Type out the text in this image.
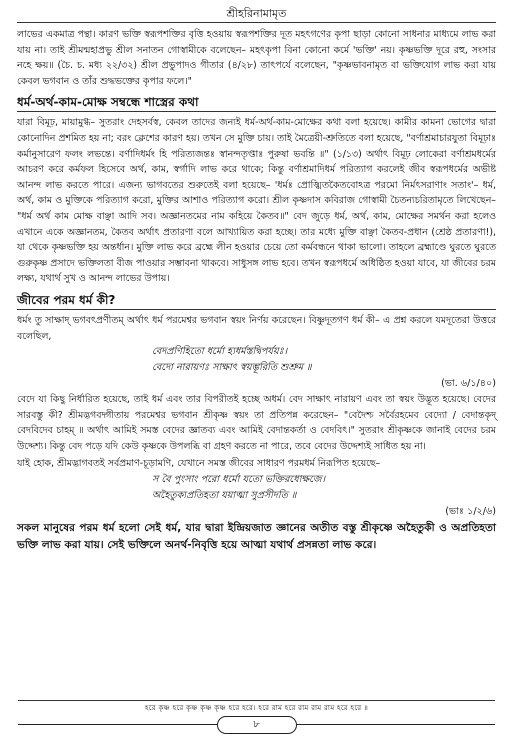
শ্রীহরিনামামৃত

লাভের একমাত্র পন্থা। কারণ ভক্তি স্বরূপশক্তির বৃত্তি হওয়ায় স্বরূপশক্তির দূত মহৎগণের কৃপা ছাড়া কোনো সাধনার মাধ্যমে লাভ করা যায় না। তাই শ্রীমন্মহাপ্রভু শ্রীল সনাতন গোস্বামীকে বলেছেন– মহৎকৃপা বিনা কোনো কর্মে 'ভক্তি' নয়। কৃষ্ণভক্তি দূরে রহু, সংসার নহে ক্ষয়॥ (চৈ. চ. মধ্য ২২/৩২) শ্রীল প্রভুপাদও গীতার (৪/২৮) তাৎপর্যে বলেছেন, "কৃষ্ণভাবনামৃত বা ভক্তিযোগ লাভ করা যায় কেবল ভগবান ও তাঁর শুদ্ধভক্তের কৃপার ফলে।"

ধর্ম-অর্থ-কাম-মোক্ষ সম্বন্ধে শাস্ত্রের কথা

যারা বিমূঢ়, মায়ামুগ্ধ– সুতরাং দেহসর্বস্ব, কেবল তাদের জন্যই ধর্ম-অর্থ-কাম-মোক্ষের কথা বলা হয়েছে। কামীর কামনা ভোগের দ্বারা কোনোদিন প্রশমিত হয় না; বরং ক্লেশের কারণ হয়। তখন সে মুক্তি চায়। তাই মৈত্রেয়ী-শ্রুতিতে বলা হয়েছে, "বর্ণাশ্রমাচারযুতা বিমূঢ়াঃ কর্মানুসারেণ ফলং লভন্তে। বর্ণাদিধর্মং হি পরিত্যজন্তঃ স্বানন্দতৃপ্তাঃ পুরুষা ভবন্তি ॥" (১/১৩) অর্থাৎ বিমূঢ় লোকেরা বর্ণাশ্রমধর্মের আচরণ করে কর্মফল হিসেবে অর্থ, কাম, স্বর্গাদি লাভ করে থাকে; কিন্তু বর্ণাশ্রমাদিধর্ম পরিত্যাগ করলেই জীব স্বরূপধর্মের অভীষ্ট আনন্দ লাভ করতে পারে। এজন্য ভাগবতের শুরুতেই বলা হয়েছে– 'ধর্মঃ প্রোজ্ঝিতকৈতবোঽত্র পরমো নির্মৎসরাণাং সতাং'– ধর্ম, অর্থ, কাম ও মুক্তিকে পরিত্যাগ করো, মুক্তির আশাও পরিত্যাগ করো। শ্রীল কৃষ্ণদাস কবিরাজ গোস্বামী চৈতন্যচরিতামৃতে লিখেছেন– "ধর্ম অর্থ কাম মোক্ষ বাঞ্ছা আদি সব। অজ্ঞানতমের নাম কহিয়ে কৈতব॥" বেদ জুড়ে ধর্ম, অর্থ, কাম, মোক্ষের সমর্থন করা হলেও এখানে একে অজ্ঞানতম, কৈতব অর্থাৎ প্রতারণা বলে আখ্যায়িত করা হচ্ছে। তার মধ্যে মুক্তি বাঞ্ছা কৈতব-প্রধান (শ্রেষ্ঠ প্রতারণা!), যা থেকে কৃষ্ণভক্তি হয় অন্তর্ধান। মুক্তি লাভ করে ব্রহ্মে লীন হওয়ার চেয়ে তো কর্মবন্ধনে থাকা ভালো। তাহলে ব্রহ্মাণ্ডে ঘুরতে ঘুরতে গুরুকৃষ্ণ প্রসাদে ভক্তিলতা বীজ পাওয়ার সম্ভাবনা থাকবে। সাধুসঙ্গ লাভ হবে। তখন স্বরূপধর্মে অধিষ্ঠিত হওয়া যাবে, যা জীবের চরম লক্ষ্য, যথার্থ সুখ ও আনন্দ লাভের উপায়।

জীবের পরম ধর্ম কী?

ধর্মং তু সাক্ষাদ্ ভগবৎপ্রণীতম্ অর্থাৎ ধর্ম পরমেশ্বর ভগবান স্বয়ং নির্ণয় করেছেন। বিষ্ণুদূতগণ ধর্ম কী– এ প্রশ্ন করলে যমদূতেরা উত্তরে বলেছিল,

বেদপ্রণিহিতো ধর্মো হ্যধর্মস্তদ্বিপর্যয়ঃ।
বেদো নারায়ণঃ সাক্ষাৎ স্বয়ম্ভূরিতি শুশ্রুম ॥
(ভা. ৬/১/৪০)

বেদে যা কিছু নির্ধারিত হয়েছে, তাই ধর্ম এবং তার বিপরীতই হচ্ছে অধর্ম। বেদ সাক্ষাৎ নারায়ণ এবং তা স্বয়ং উদ্ভূত হয়েছে। বেদের সারবস্তু কী? শ্রীমদ্ভগবদ্গীতায় পরমেশ্বর ভগবান শ্রীকৃষ্ণ স্বয়ং তা প্রতিপন্ন করেছেন– "বেদৈশ্চ সর্বৈরহমেব বেদ্যো / বেদান্তকৃদ্ বেদবিদেব চাহম্ ॥ অর্থাৎ আমিই সমস্ত বেদের জ্ঞাতব্য এবং আমিই বেদান্তকর্তা ও বেদবিৎ।" সুতরাং শ্রীকৃষ্ণকে জানাই বেদের চরম উদ্দেশ্য। কিন্তু বেদ পড়ে যদি কেউ কৃষ্ণকে উপলব্ধি বা গ্রহণ করতে না পারে, তবে বেদের উদ্দেশ্যই সাধিত হয় না।

যাই হোক, শ্রীমদ্ভাগবতই সর্বপ্রমাণ-চূড়ামণি, যেখানে সমস্ত জীবের সাধারণ পরমধর্ম নিরূপিত হয়েছে–

স বৈ পুংসাং পরো ধর্মো যতো ভক্তিরধোক্ষজে।
অহৈতুক্যপ্রতিহতা যয়াত্মা সুপ্রসীদতি ॥
(ভাঃ ১/২/৬)

সকল মানুষের পরম ধর্ম হলো সেই ধর্ম, যার দ্বারা ইন্দ্রিয়জাত জ্ঞানের অতীত বস্তু শ্রীকৃষ্ণে অহৈতুকী ও অপ্রতিহতা ভক্তি লাভ করা যায়। সেই ভক্তিলে অনর্থ-নিবৃত্তি হয়ে আত্মা যথার্থ প্রসন্নতা লাভ করে।

হরে কৃষ্ণ হরে কৃষ্ণ কৃষ্ণ কৃষ্ণ হরে হরে। হরে রাম হরে রাম রাম রাম হরে হরে ॥
৮
